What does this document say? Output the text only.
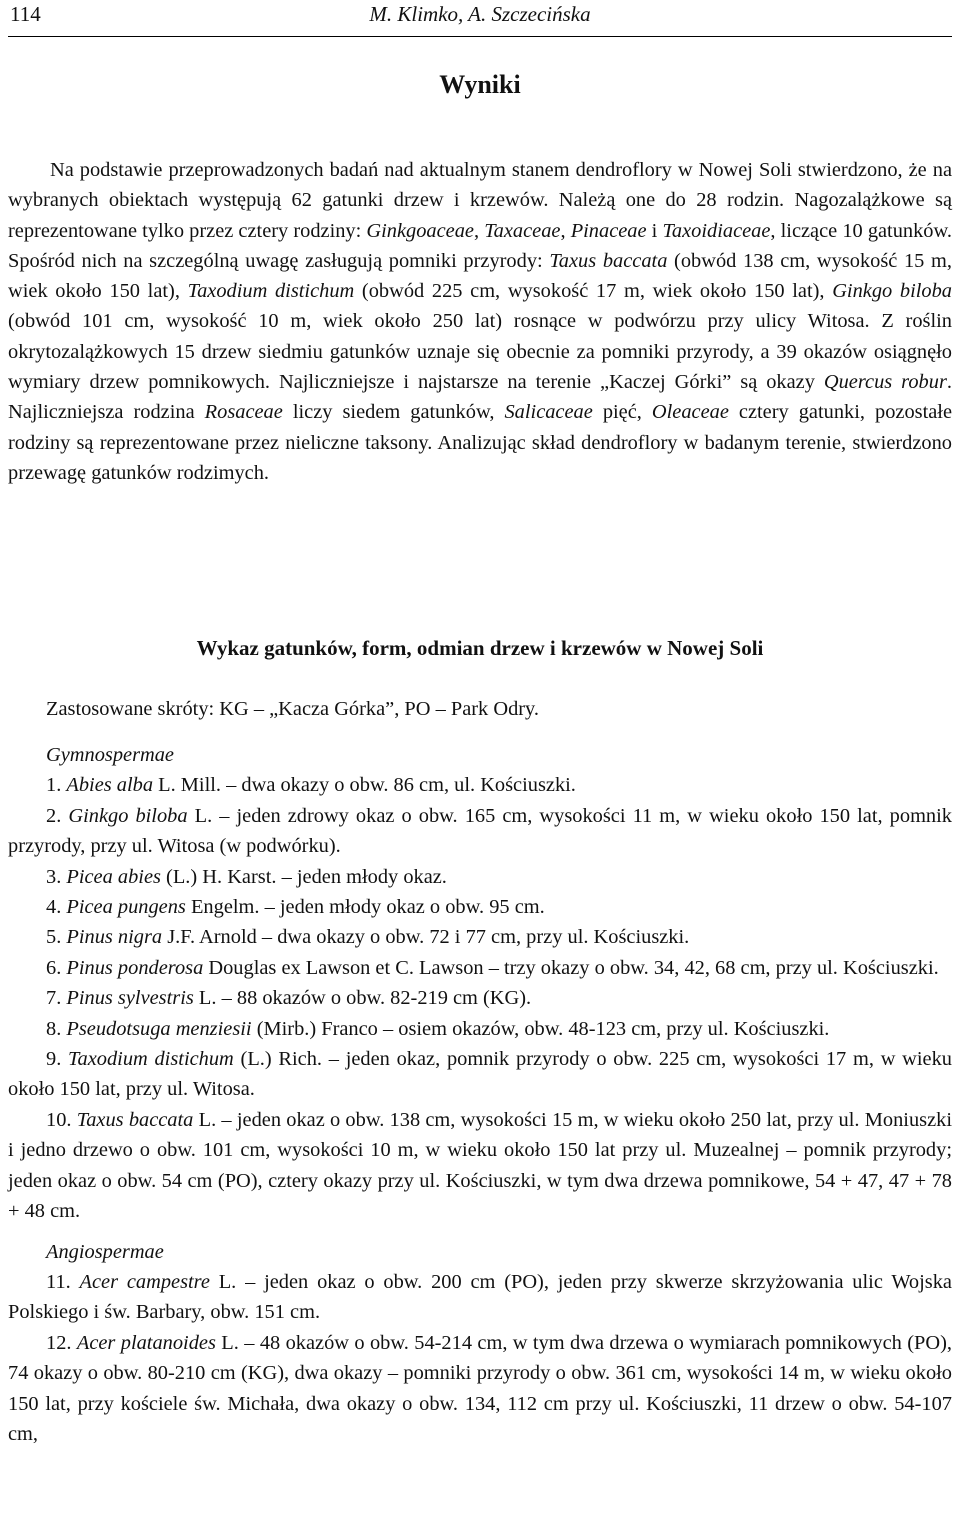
114	M. Klimko, A. Szczecińska
Wyniki
Na podstawie przeprowadzonych badań nad aktualnym stanem dendroflory w Nowej Soli stwierdzono, że na wybranych obiektach występują 62 gatunki drzew i krzewów. Należą one do 28 rodzin. Nagozalążkowe są reprezentowane tylko przez cztery rodziny: Ginkgoaceae, Taxaceae, Pinaceae i Taxoidiaceae, liczące 10 gatunków. Spośród nich na szczególną uwagę zasługują pomniki przyrody: Taxus baccata (obwód 138 cm, wysokość 15 m, wiek około 150 lat), Taxodium distichum (obwód 225 cm, wysokość 17 m, wiek około 150 lat), Ginkgo biloba (obwód 101 cm, wysokość 10 m, wiek około 250 lat) rosnące w podwórzu przy ulicy Witosa. Z roślin okrytozalążkowych 15 drzew siedmiu gatunków uznaje się obecnie za pomniki przyrody, a 39 okazów osiągnęło wymiary drzew pomnikowych. Najliczniejsze i najstarsze na terenie „Kaczej Górki” są okazy Quercus robur. Najliczniejsza rodzina Rosaceae liczy siedem gatunków, Salicaceae pięć, Oleaceae cztery gatunki, pozostałe rodziny są reprezentowane przez nieliczne taksony. Analizując skład dendroflory w badanym terenie, stwierdzono przewagę gatunków rodzimych.
Wykaz gatunków, form, odmian drzew i krzewów w Nowej Soli
Zastosowane skróty: KG – „Kacza Górka”, PO – Park Odry.
Gymnospermae
1. Abies alba L. Mill. – dwa okazy o obw. 86 cm, ul. Kościuszki.
2. Ginkgo biloba L. – jeden zdrowy okaz o obw. 165 cm, wysokości 11 m, w wieku około 150 lat, pomnik przyrody, przy ul. Witosa (w podwórku).
3. Picea abies (L.) H. Karst. – jeden młody okaz.
4. Picea pungens Engelm. – jeden młody okaz o obw. 95 cm.
5. Pinus nigra J.F. Arnold – dwa okazy o obw. 72 i 77 cm, przy ul. Kościuszki.
6. Pinus ponderosa Douglas ex Lawson et C. Lawson – trzy okazy o obw. 34, 42, 68 cm, przy ul. Kościuszki.
7. Pinus sylvestris L. – 88 okazów o obw. 82-219 cm (KG).
8. Pseudotsuga menziesii (Mirb.) Franco – osiem okazów, obw. 48-123 cm, przy ul. Kościuszki.
9. Taxodium distichum (L.) Rich. – jeden okaz, pomnik przyrody o obw. 225 cm, wysokości 17 m, w wieku około 150 lat, przy ul. Witosa.
10. Taxus baccata L. – jeden okaz o obw. 138 cm, wysokości 15 m, w wieku około 250 lat, przy ul. Moniuszki i jedno drzewo o obw. 101 cm, wysokości 10 m, w wieku około 150 lat przy ul. Muzealnej – pomnik przyrody; jeden okaz o obw. 54 cm (PO), cztery okazy przy ul. Kościuszki, w tym dwa drzewa pomnikowe, 54 + 47, 47 + 78 + 48 cm.
Angiospermae
11. Acer campestre L. – jeden okaz o obw. 200 cm (PO), jeden przy skwerze skrzyżowania ulic Wojska Polskiego i św. Barbary, obw. 151 cm.
12. Acer platanoides L. – 48 okazów o obw. 54-214 cm, w tym dwa drzewa o wymiarach pomnikowych (PO), 74 okazy o obw. 80-210 cm (KG), dwa okazy – pomniki przyrody o obw. 361 cm, wysokości 14 m, w wieku około 150 lat, przy kościele św. Michała, dwa okazy o obw. 134, 112 cm przy ul. Kościuszki, 11 drzew o obw. 54-107 cm,
